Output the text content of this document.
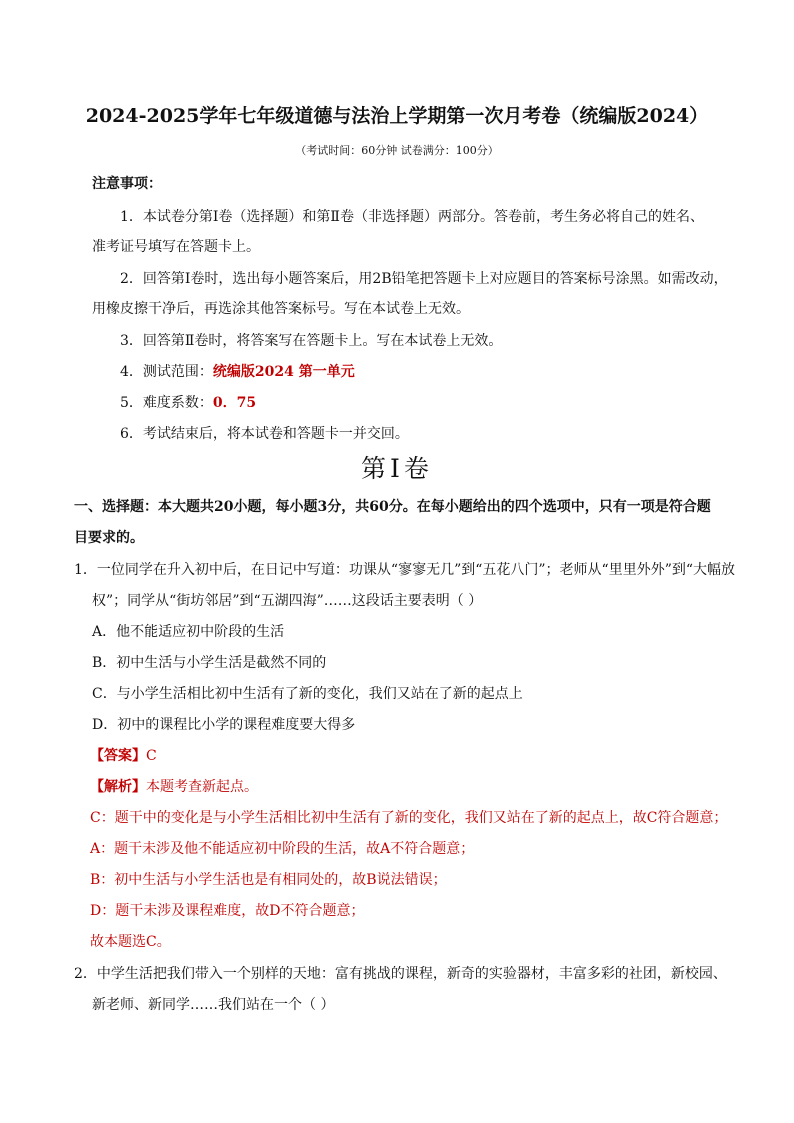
2024-2025学年七年级道德与法治上学期第一次月考卷（统编版2024）
（考试时间：60分钟 试卷满分：100分）
注意事项：
1．本试卷分第Ⅰ卷（选择题）和第Ⅱ卷（非选择题）两部分。答卷前，考生务必将自己的姓名、
准考证号填写在答题卡上。
2．回答第Ⅰ卷时，选出每小题答案后，用2B铅笔把答题卡上对应题目的答案标号涂黑。如需改动，
用橡皮擦干净后，再选涂其他答案标号。写在本试卷上无效。
3．回答第Ⅱ卷时，将答案写在答题卡上。写在本试卷上无效。
4．测试范围：统编版2024 第一单元
5．难度系数：0．75
6．考试结束后，将本试卷和答题卡一并交回。
第Ⅰ卷
一、选择题：本大题共20小题，每小题3分，共60分。在每小题给出的四个选项中，只有一项是符合题
目要求的。
1．一位同学在升入初中后，在日记中写道：功课从“寥寥无几”到“五花八门”；老师从“里里外外”到“大幅放
权”；同学从“街坊邻居”到“五湖四海”……这段话主要表明（ ）
A．他不能适应初中阶段的生活
B．初中生活与小学生活是截然不同的
C．与小学生活相比初中生活有了新的变化，我们又站在了新的起点上
D．初中的课程比小学的课程难度要大得多
【答案】C
【解析】本题考查新起点。
C：题干中的变化是与小学生活相比初中生活有了新的变化，我们又站在了新的起点上，故C符合题意；
A：题干未涉及他不能适应初中阶段的生活，故A不符合题意；
B：初中生活与小学生活也是有相同处的，故B说法错误；
D：题干未涉及课程难度，故D不符合题意；
故本题选C。
2．中学生活把我们带入一个别样的天地：富有挑战的课程，新奇的实验器材，丰富多彩的社团，新校园、
新老师、新同学……我们站在一个（ ）
